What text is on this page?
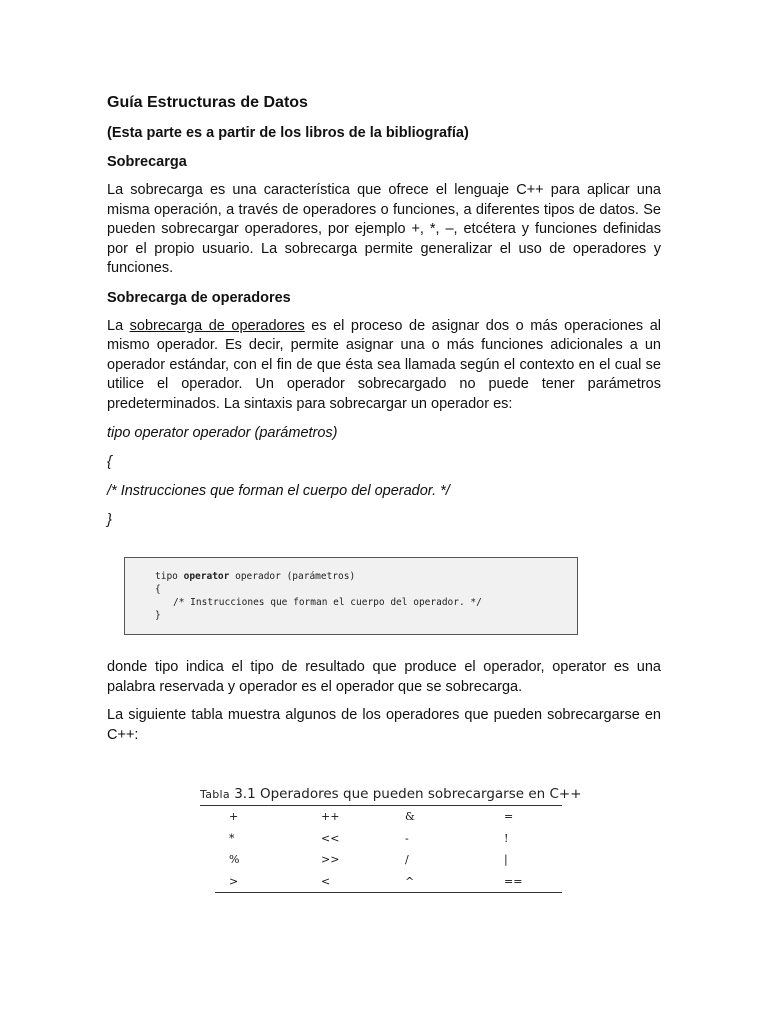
Guía Estructuras de Datos
(Esta parte es a partir de los libros de la bibliografía)
Sobrecarga

La sobrecarga es una característica que ofrece el lenguaje C++ para aplicar una misma operación, a través de operadores o funciones, a diferentes tipos de datos. Se pueden sobrecargar operadores, por ejemplo +, *, –, etcétera y funciones definidas por el propio usuario. La sobrecarga permite generalizar el uso de operadores y funciones.

Sobrecarga de operadores

La sobrecarga de operadores es el proceso de asignar dos o más operaciones al mismo operador. Es decir, permite asignar una o más funciones adicionales a un operador estándar, con el fin de que ésta sea llamada según el contexto en el cual se utilice el operador. Un operador sobrecargado no puede tener parámetros predeterminados. La sintaxis para sobrecargar un operador es:

tipo operator operador (parámetros)
{
/* Instrucciones que forman el cuerpo del operador. */
}
tipo operator operador (parámetros)
{
/* Instrucciones que forman el cuerpo del operador. */
}

donde tipo indica el tipo de resultado que produce el operador, operator es una palabra reservada y operador es el operador que se sobrecarga.

La siguiente tabla muestra algunos de los operadores que pueden sobrecargarse en C++:

Tabla 3.1 Operadores que pueden sobrecargarse en C++
+	++	&	=
*	<<	-	!
%	>>	/	|
>	<	^	==
